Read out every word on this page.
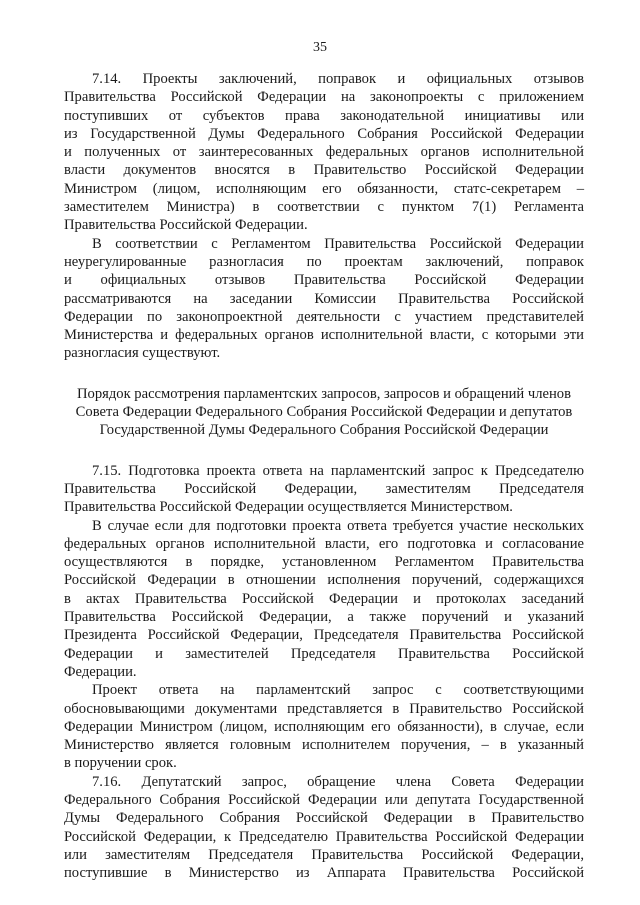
35

7.14. Проекты заключений, поправок и официальных отзывов
Правительства Российской Федерации на законопроекты с приложением
поступивших от субъектов права законодательной инициативы или
из Государственной Думы Федерального Собрания Российской Федерации
и полученных от заинтересованных федеральных органов исполнительной
власти документов вносятся в Правительство Российской Федерации
Министром (лицом, исполняющим его обязанности, статс-секретарем –
заместителем Министра) в соответствии с пунктом 7(1) Регламента
Правительства Российской Федерации.

В соответствии с Регламентом Правительства Российской Федерации
неурегулированные разногласия по проектам заключений, поправок
и официальных отзывов Правительства Российской Федерации
рассматриваются на заседании Комиссии Правительства Российской
Федерации по законопроектной деятельности с участием представителей
Министерства и федеральных органов исполнительной власти, с которыми эти
разногласия существуют.

Порядок рассмотрения парламентских запросов, запросов и обращений членов
Совета Федерации Федерального Собрания Российской Федерации и депутатов
Государственной Думы Федерального Собрания Российской Федерации

7.15. Подготовка проекта ответа на парламентский запрос к Председателю
Правительства Российской Федерации, заместителям Председателя
Правительства Российской Федерации осуществляется Министерством.

В случае если для подготовки проекта ответа требуется участие нескольких
федеральных органов исполнительной власти, его подготовка и согласование
осуществляются в порядке, установленном Регламентом Правительства
Российской Федерации в отношении исполнения поручений, содержащихся
в актах Правительства Российской Федерации и протоколах заседаний
Правительства Российской Федерации, а также поручений и указаний
Президента Российской Федерации, Председателя Правительства Российской
Федерации и заместителей Председателя Правительства Российской
Федерации.

Проект ответа на парламентский запрос с соответствующими
обосновывающими документами представляется в Правительство Российской
Федерации Министром (лицом, исполняющим его обязанности), в случае, если
Министерство является головным исполнителем поручения, – в указанный
в поручении срок.

7.16. Депутатский запрос, обращение члена Совета Федерации
Федерального Собрания Российской Федерации или депутата Государственной
Думы Федерального Собрания Российской Федерации в Правительство
Российской Федерации, к Председателю Правительства Российской Федерации
или заместителям Председателя Правительства Российской Федерации,
поступившие в Министерство из Аппарата Правительства Российской
